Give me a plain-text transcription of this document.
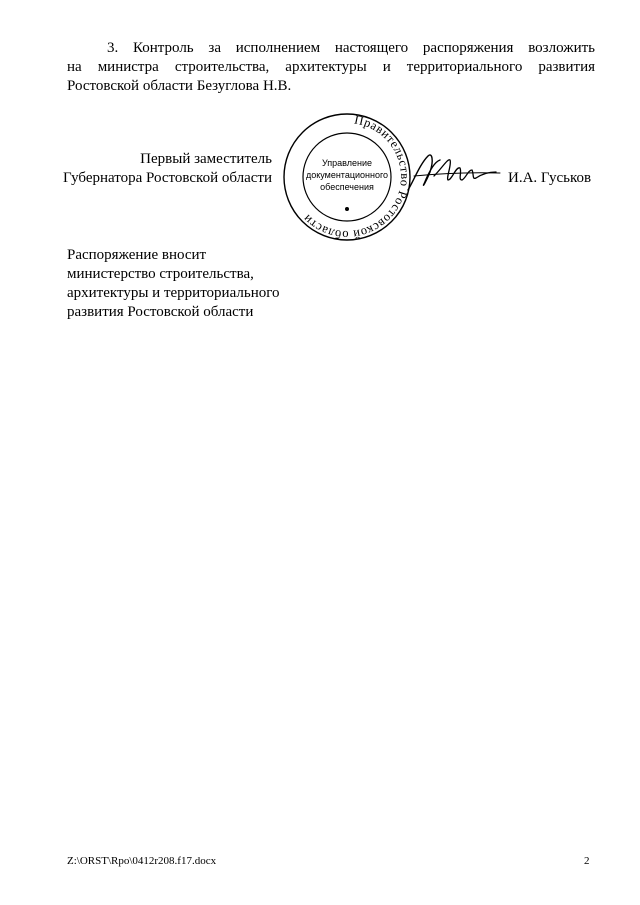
3. Контроль за исполнением настоящего распоряжения возложить
на министра строительства, архитектуры и территориального развития
Ростовской области Безуглова Н.В.
Первый заместитель
Губернатора Ростовской области
Правительство Ростовской области
Управление
документационного
обеспечения
И.А. Гуськов
Распоряжение вносит
министерство строительства,
архитектуры и территориального
развития Ростовской области
Z:\ORST\Rpo\0412r208.f17.docx	2
